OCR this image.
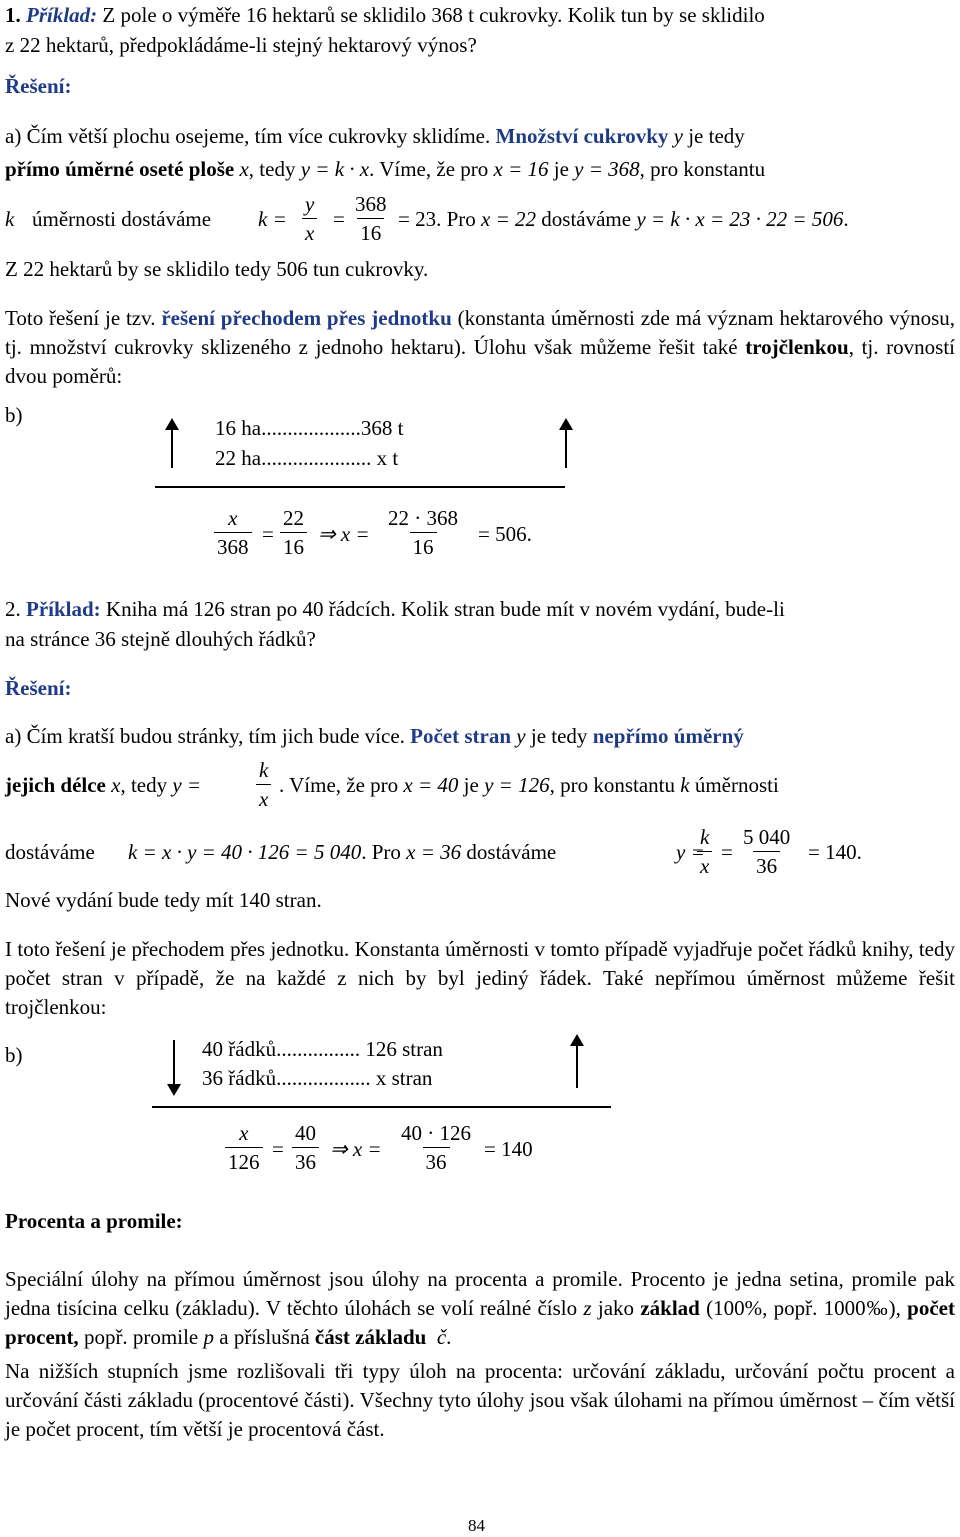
1. Příklad: Z pole o výměře 16 hektarů se sklidilo 368 t cukrovky. Kolik tun by se sklidilo
z 22 hektarů, předpokládáme-li stejný hektarový výnos?
Řešení:
a) Čím větší plochu osejeme, tím více cukrovky sklidíme. Množství cukrovky y je tedy
přímo úměrné oseté ploše x, tedy y = k · x. Víme, že pro x = 16 je y = 368, pro konstantu
k úměrnosti dostáváme $k = \frac{y}{x} = \frac{368}{16} = 23$. Pro x = 22 dostáváme y = k · x = 23 · 22 = 506.
Z 22 hektarů by se sklidilo tedy 506 tun cukrovky.
Toto řešení je tzv. řešení přechodem přes jednotku (konstanta úměrnosti zde má význam hektarového výnosu, tj. množství cukrovky sklizeného z jednoho hektaru). Úlohu však můžeme řešit také trojčlenkou, tj. rovností dvou poměrů:
b)
16 ha...................368 t
22 ha..................... x t
$\frac{x}{368} = \frac{22}{16}$ ⇒ $x = \frac{22 \cdot 368}{16} = 506$.
2. Příklad: Kniha má 126 stran po 40 řádcích. Kolik stran bude mít v novém vydání, bude-li
na stránce 36 stejně dlouhých řádků?
Řešení:
a) Čím kratší budou stránky, tím jich bude více. Počet stran y je tedy nepřímo úměrný
jejich délce x, tedy y =	$\frac{k}{x}$ . Víme, že pro x = 40 je y = 126, pro konstantu k úměrnosti
dostáváme k = x · y = 40 · 126 = 5 040. Pro x = 36 dostáváme	y =
$\frac{k}{x} = \frac{5 040}{36} = 140$.
Nové vydání bude tedy mít 140 stran.
I toto řešení je přechodem přes jednotku. Konstanta úměrnosti v tomto případě vyjadřuje počet řádků knihy, tedy počet stran v případě, že na každé z nich by byl jediný řádek. Také nepřímou úměrnost můžeme řešit trojčlenkou:
b)	40 řádků................ 126 stran
36 řádků.................. x stran
$\frac{x}{126} = \frac{40}{36}$ ⇒ $x = \frac{40 \cdot 126}{36} = 140$
Procenta a promile:
Speciální úlohy na přímou úměrnost jsou úlohy na procenta a promile. Procento je jedna setina, promile pak jedna tisícina celku (základu). V těchto úlohách se volí reálné číslo z jako základ (100%, popř. 1000‰), počet procent, popř. promile p a příslušná část základu č.
Na nižších stupních jsme rozlišovali tři typy úloh na procenta: určování základu, určování počtu procent a určování části základu (procentové části). Všechny tyto úlohy jsou však úlohami na přímou úměrnost – čím větší je počet procent, tím větší je procentová část.
84
